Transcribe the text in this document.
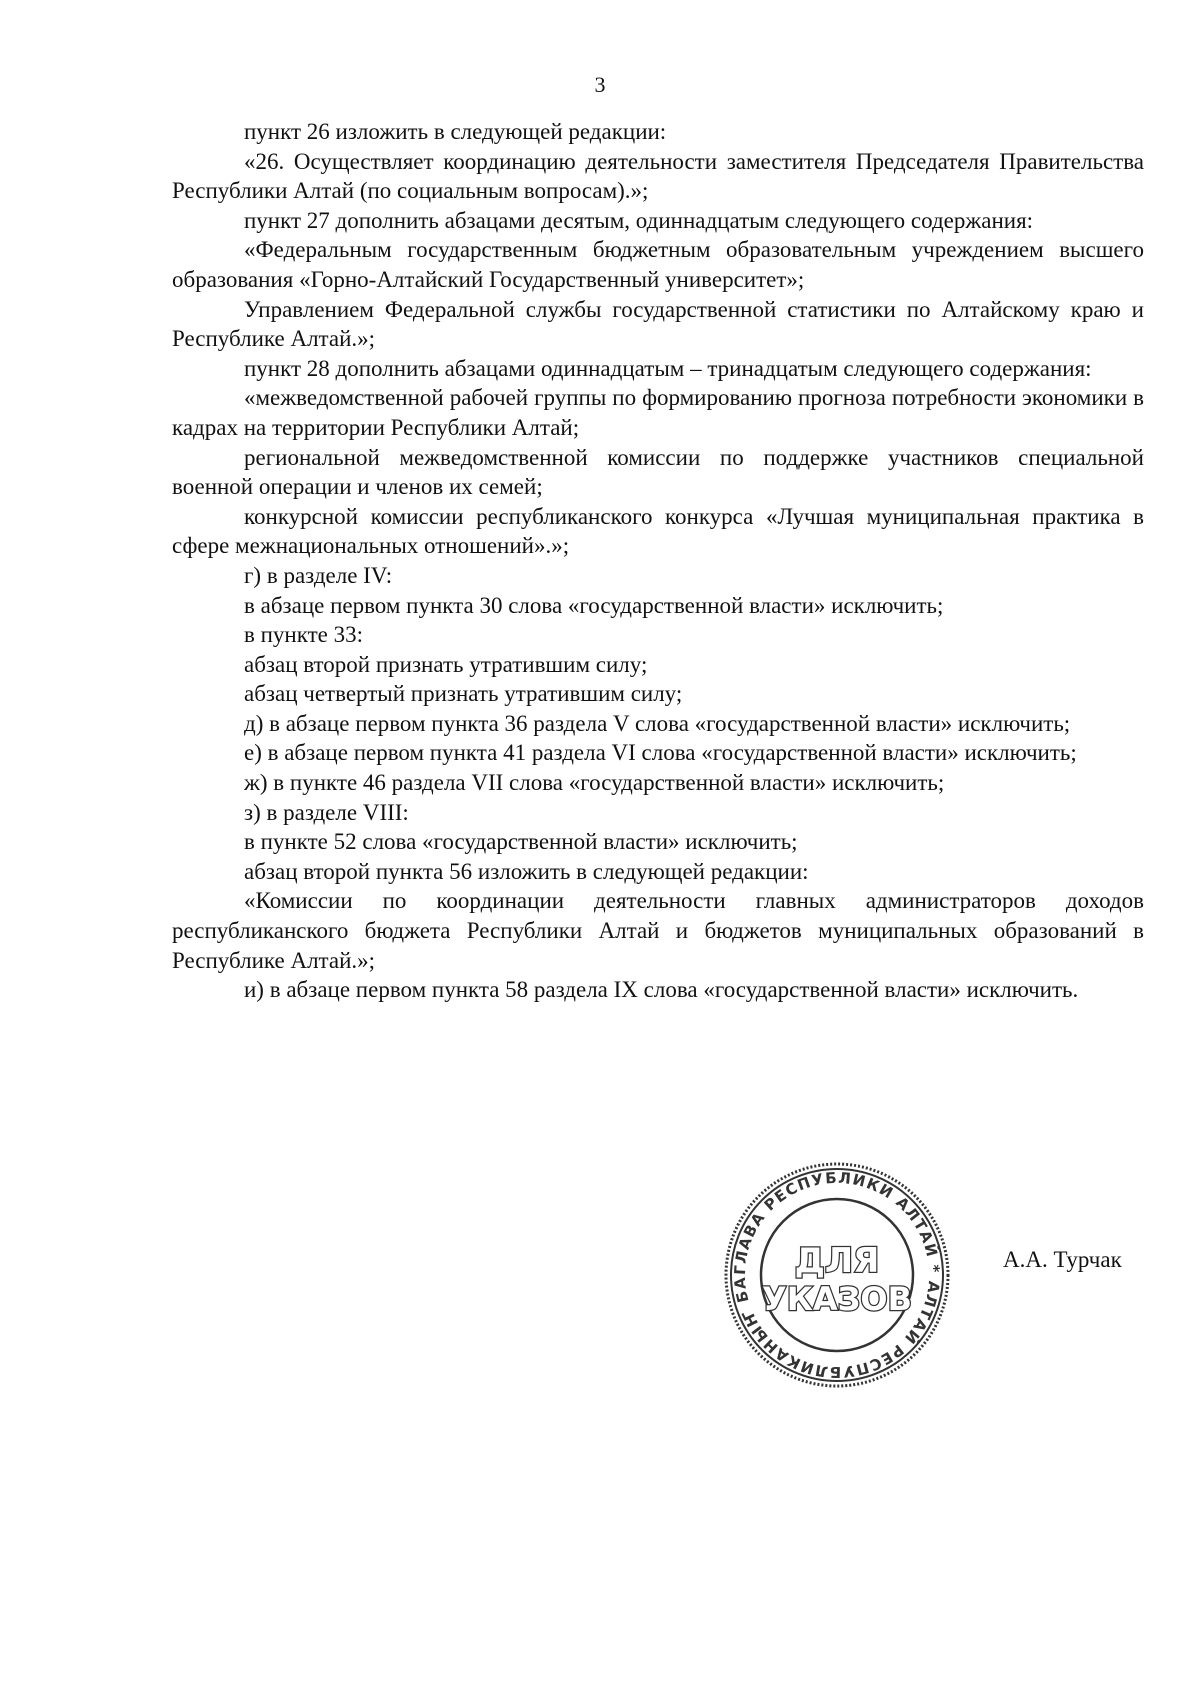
3

пункт 26 изложить в следующей редакции:

«26. Осуществляет координацию деятельности заместителя Председателя Правительства Республики Алтай (по социальным вопросам).»;

пункт 27 дополнить абзацами десятым, одиннадцатым следующего содержания:

«Федеральным государственным бюджетным образовательным учреждением высшего образования «Горно-Алтайский Государственный университет»;

Управлением Федеральной службы государственной статистики по Алтайскому краю и Республике Алтай.»;

пункт 28 дополнить абзацами одиннадцатым – тринадцатым следующего содержания:

«межведомственной рабочей группы по формированию прогноза потребности экономики в кадрах на территории Республики Алтай;

региональной межведомственной комиссии по поддержке участников специальной военной операции и членов их семей;

конкурсной комиссии республиканского конкурса «Лучшая муниципальная практика в сфере межнациональных отношений».»;

г) в разделе IV:

в абзаце первом пункта 30 слова «государственной власти» исключить;

в пункте 33:

абзац второй признать утратившим силу;

абзац четвертый признать утратившим силу;

д) в абзаце первом пункта 36 раздела V слова «государственной власти» исключить;

е) в абзаце первом пункта 41 раздела VI слова «государственной власти» исключить;

ж) в пункте 46 раздела VII слова «государственной власти» исключить;

з) в разделе VIII:

в пункте 52 слова «государственной власти» исключить;

абзац второй пункта 56 изложить в следующей редакции:

«Комиссии по координации деятельности главных администраторов доходов республиканского бюджета Республики Алтай и бюджетов муниципальных образований в Республике Алтай.»;

и) в абзаце первом пункта 58 раздела IX слова «государственной власти» исключить.

ГЛАВА РЕСПУБЛИКИ АЛТАЙ * АЛТАЙ РЕСПУБЛИКАНЫҤ БА
ДЛЯ
УКАЗОВ
А.А. Турчак
